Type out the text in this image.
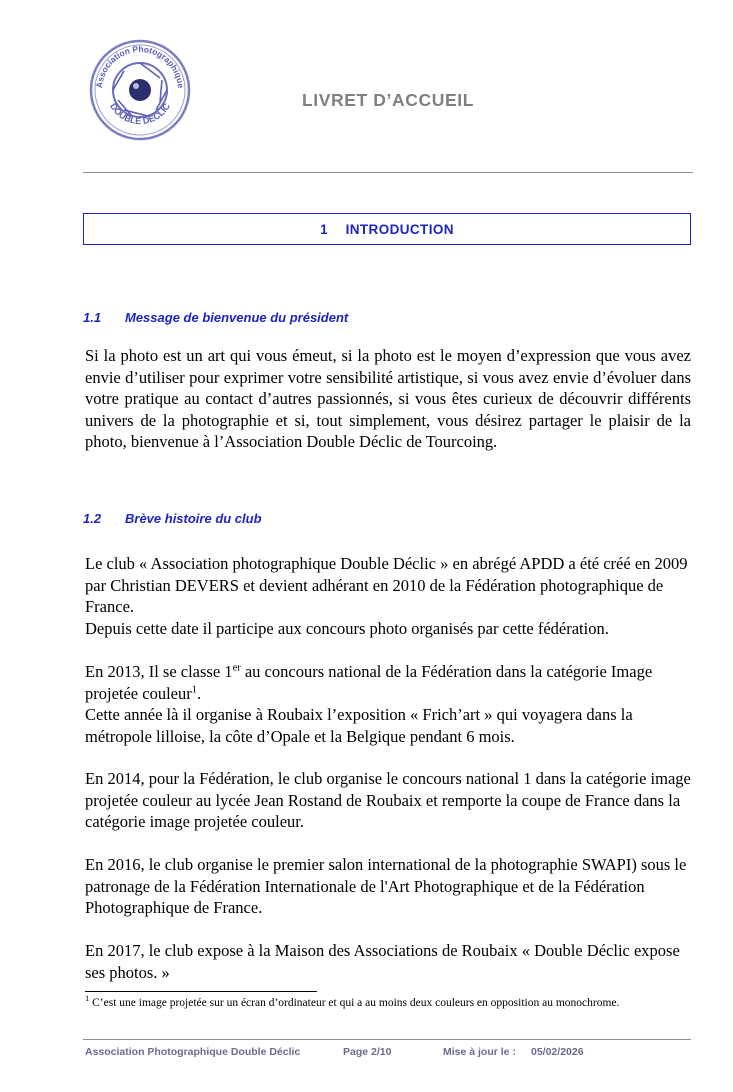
Association Photographique
DOUBLE DECLIC	LIVRET D’ACCUEIL
1 INTRODUCTION
1.1 Message de bienvenue du président
Si la photo est un art qui vous émeut, si la photo est le moyen d’expression que vous avez envie d’utiliser pour exprimer votre sensibilité artistique, si vous avez envie d’évoluer dans votre pratique au contact d’autres passionnés, si vous êtes curieux de découvrir différents univers de la photographie et si, tout simplement, vous désirez partager le plaisir de la photo, bienvenue à l’Association Double Déclic de Tourcoing.
1.2 Brève histoire du club
Le club « Association photographique Double Déclic » en abrégé APDD a été créé en 2009 par Christian DEVERS et devient adhérant en 2010 de la Fédération photographique de France.
Depuis cette date il participe aux concours photo organisés par cette fédération.
En 2013, Il se classe 1er au concours national de la Fédération dans la catégorie Image projetée couleur$^1$.
Cette année là il organise à Roubaix l’exposition « Frich’art » qui voyagera dans la métropole lilloise, la côte d’Opale et la Belgique pendant 6 mois.
En 2014, pour la Fédération, le club organise le concours national 1 dans la catégorie image projetée couleur au lycée Jean Rostand de Roubaix et remporte la coupe de France dans la catégorie image projetée couleur.
En 2016, le club organise le premier salon international de la photographie SWAPI) sous le patronage de la Fédération Internationale de l'Art Photographique et de la Fédération Photographique de France.
En 2017, le club expose à la Maison des Associations de Roubaix « Double Déclic expose ses photos. »
$^1$ C’est une image projetée sur un écran d’ordinateur et qui a au moins deux couleurs en opposition au monochrome.
Association Photographique Double Déclic	Page 2/10	Mise à jour le : 05/02/2026
